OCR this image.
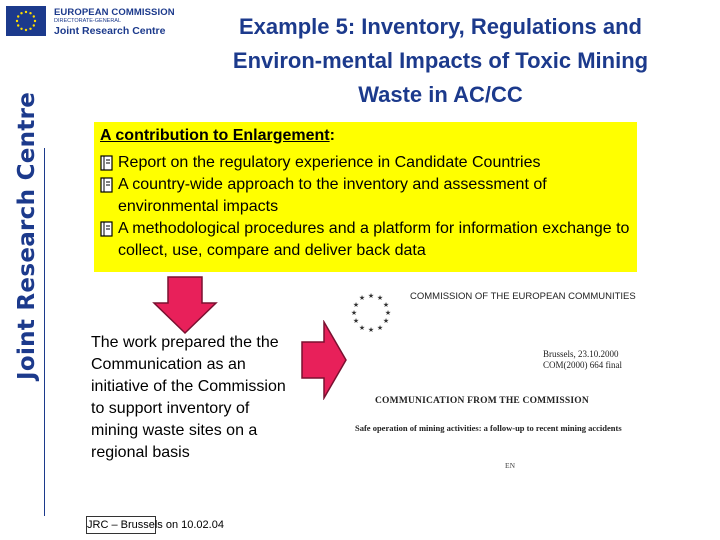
EUROPEAN COMMISSION
DIRECTORATE-GENERAL
Joint Research Centre
Joint Research Centre
Example 5: Inventory, Regulations and
Environ-mental Impacts of Toxic Mining
Waste in AC/CC
A contribution to Enlargement:
Report on the regulatory experience in Candidate Countries
A country-wide approach to the inventory and assessment of environmental impacts
A methodological procedures and a platform for information exchange to collect, use, compare and deliver back data
The work prepared the the Communication as an initiative of the Commission to support inventory of mining waste sites on a regional basis
★ ★
★
★
★
★
★
★
★
★
★
★	COMMISSION OF THE EUROPEAN COMMUNITIES
Brussels, 23.10.2000
COM(2000) 664 final
COMMUNICATION FROM THE COMMISSION
Safe operation of mining activities: a follow-up to recent mining accidents
EN
JRC – Brussels on 10.02.04
